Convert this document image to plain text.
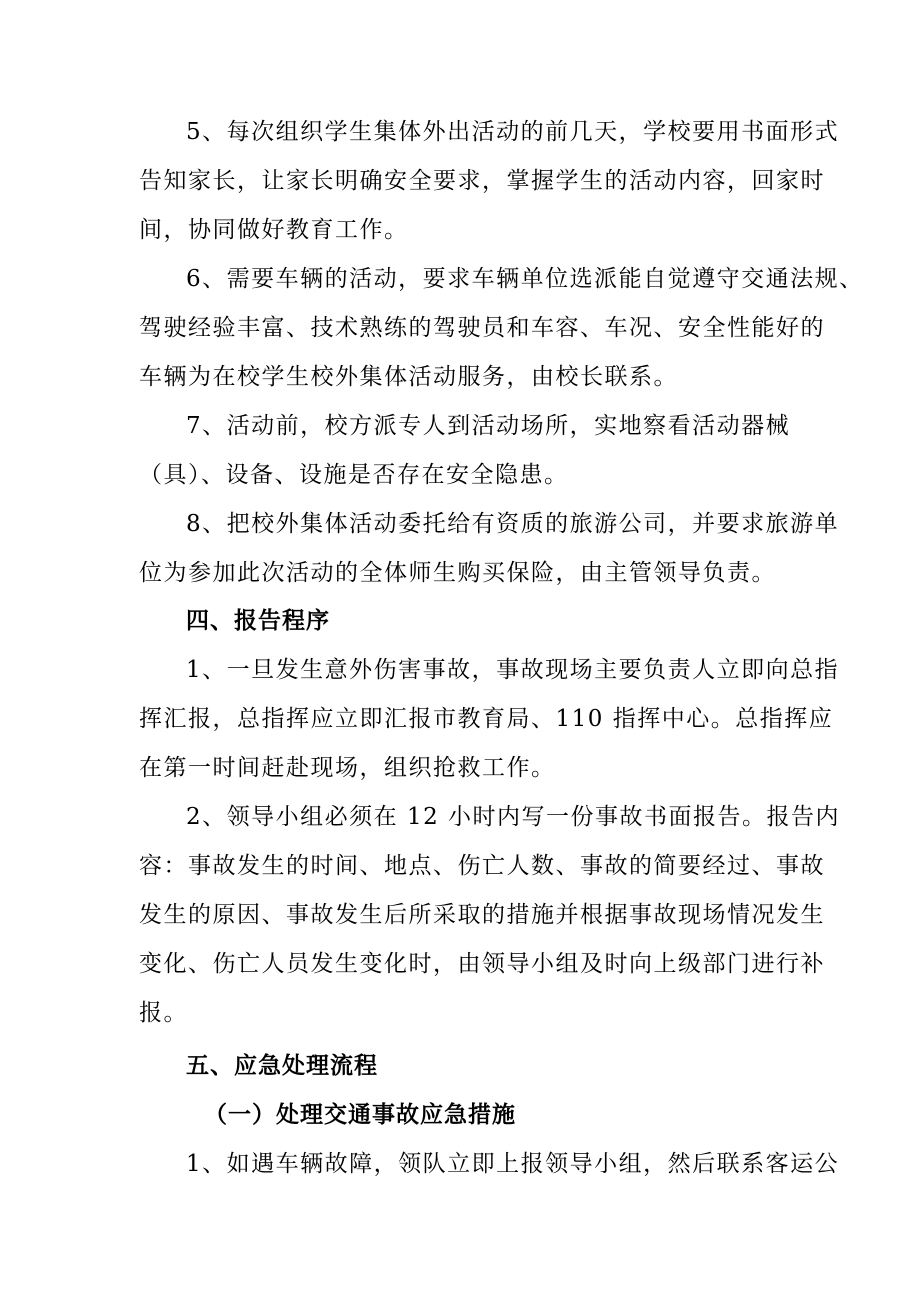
5、每次组织学生集体外出活动的前几天，学校要用书面形式
告知家长，让家长明确安全要求，掌握学生的活动内容，回家时
间，协同做好教育工作。
6、需要车辆的活动，要求车辆单位选派能自觉遵守交通法规、
驾驶经验丰富、技术熟练的驾驶员和车容、车况、安全性能好的
车辆为在校学生校外集体活动服务，由校长联系。
7、活动前，校方派专人到活动场所，实地察看活动器械
（具）、设备、设施是否存在安全隐患。
8、把校外集体活动委托给有资质的旅游公司，并要求旅游单
位为参加此次活动的全体师生购买保险，由主管领导负责。
四、报告程序
1、一旦发生意外伤害事故，事故现场主要负责人立即向总指
挥汇报，总指挥应立即汇报市教育局、110 指挥中心。总指挥应
在第一时间赶赴现场，组织抢救工作。
2、领导小组必须在 12 小时内写一份事故书面报告。报告内
容：事故发生的时间、地点、伤亡人数、事故的简要经过、事故
发生的原因、事故发生后所采取的措施并根据事故现场情况发生
变化、伤亡人员发生变化时，由领导小组及时向上级部门进行补
报。
五、应急处理流程
（一）处理交通事故应急措施
1、如遇车辆故障，领队立即上报领导小组，然后联系客运公
